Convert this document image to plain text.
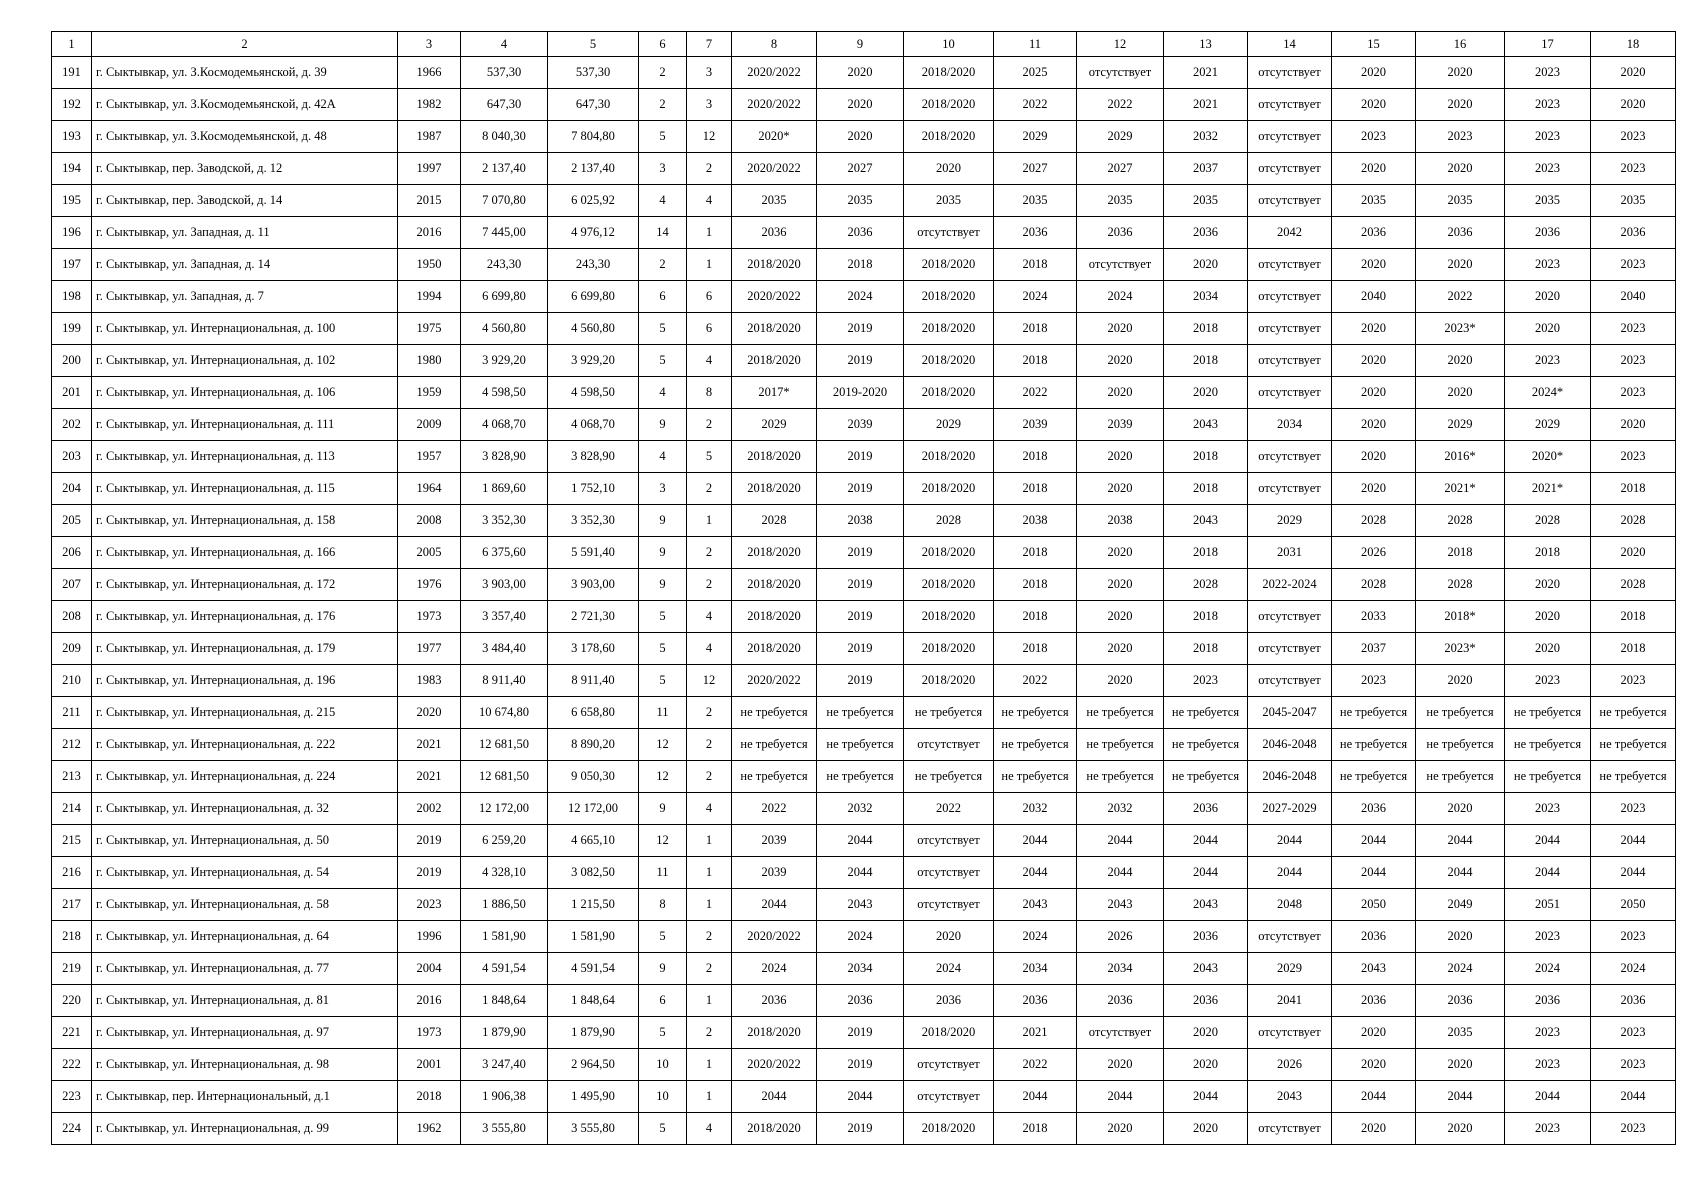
1	2	3	4	5	6	7	8	9	10	11	12	13	14	15	16	17	18
191	г. Сыктывкар, ул. З.Космодемьянской, д. 39	1966	537,30	537,30	2	3	2020/2022	2020	2018/2020	2025	отсутствует	2021	отсутствует	2020	2020	2023	2020
192	г. Сыктывкар, ул. З.Космодемьянской, д. 42А	1982	647,30	647,30	2	3	2020/2022	2020	2018/2020	2022	2022	2021	отсутствует	2020	2020	2023	2020
193	г. Сыктывкар, ул. З.Космодемьянской, д. 48	1987	8 040,30	7 804,80	5	12	2020*	2020	2018/2020	2029	2029	2032	отсутствует	2023	2023	2023	2023
194	г. Сыктывкар, пер. Заводской, д. 12	1997	2 137,40	2 137,40	3	2	2020/2022	2027	2020	2027	2027	2037	отсутствует	2020	2020	2023	2023
195	г. Сыктывкар, пер. Заводской, д. 14	2015	7 070,80	6 025,92	4	4	2035	2035	2035	2035	2035	2035	отсутствует	2035	2035	2035	2035
196	г. Сыктывкар, ул. Западная, д. 11	2016	7 445,00	4 976,12	14	1	2036	2036	отсутствует	2036	2036	2036	2042	2036	2036	2036	2036
197	г. Сыктывкар, ул. Западная, д. 14	1950	243,30	243,30	2	1	2018/2020	2018	2018/2020	2018	отсутствует	2020	отсутствует	2020	2020	2023	2023
198	г. Сыктывкар, ул. Западная, д. 7	1994	6 699,80	6 699,80	6	6	2020/2022	2024	2018/2020	2024	2024	2034	отсутствует	2040	2022	2020	2040
199	г. Сыктывкар, ул. Интернациональная, д. 100	1975	4 560,80	4 560,80	5	6	2018/2020	2019	2018/2020	2018	2020	2018	отсутствует	2020	2023*	2020	2023
200	г. Сыктывкар, ул. Интернациональная, д. 102	1980	3 929,20	3 929,20	5	4	2018/2020	2019	2018/2020	2018	2020	2018	отсутствует	2020	2020	2023	2023
201	г. Сыктывкар, ул. Интернациональная, д. 106	1959	4 598,50	4 598,50	4	8	2017*	2019-2020	2018/2020	2022	2020	2020	отсутствует	2020	2020	2024*	2023
202	г. Сыктывкар, ул. Интернациональная, д. 111	2009	4 068,70	4 068,70	9	2	2029	2039	2029	2039	2039	2043	2034	2020	2029	2029	2020
203	г. Сыктывкар, ул. Интернациональная, д. 113	1957	3 828,90	3 828,90	4	5	2018/2020	2019	2018/2020	2018	2020	2018	отсутствует	2020	2016*	2020*	2023
204	г. Сыктывкар, ул. Интернациональная, д. 115	1964	1 869,60	1 752,10	3	2	2018/2020	2019	2018/2020	2018	2020	2018	отсутствует	2020	2021*	2021*	2018
205	г. Сыктывкар, ул. Интернациональная, д. 158	2008	3 352,30	3 352,30	9	1	2028	2038	2028	2038	2038	2043	2029	2028	2028	2028	2028
206	г. Сыктывкар, ул. Интернациональная, д. 166	2005	6 375,60	5 591,40	9	2	2018/2020	2019	2018/2020	2018	2020	2018	2031	2026	2018	2018	2020
207	г. Сыктывкар, ул. Интернациональная, д. 172	1976	3 903,00	3 903,00	9	2	2018/2020	2019	2018/2020	2018	2020	2028	2022-2024	2028	2028	2020	2028
208	г. Сыктывкар, ул. Интернациональная, д. 176	1973	3 357,40	2 721,30	5	4	2018/2020	2019	2018/2020	2018	2020	2018	отсутствует	2033	2018*	2020	2018
209	г. Сыктывкар, ул. Интернациональная, д. 179	1977	3 484,40	3 178,60	5	4	2018/2020	2019	2018/2020	2018	2020	2018	отсутствует	2037	2023*	2020	2018
210	г. Сыктывкар, ул. Интернациональная, д. 196	1983	8 911,40	8 911,40	5	12	2020/2022	2019	2018/2020	2022	2020	2023	отсутствует	2023	2020	2023	2023
211	г. Сыктывкар, ул. Интернациональная, д. 215	2020	10 674,80	6 658,80	11	2	не требуется	не требуется	не требуется	не требуется	не требуется	не требуется	2045-2047	не требуется	не требуется	не требуется	не требуется
212	г. Сыктывкар, ул. Интернациональная, д. 222	2021	12 681,50	8 890,20	12	2	не требуется	не требуется	отсутствует	не требуется	не требуется	не требуется	2046-2048	не требуется	не требуется	не требуется	не требуется
213	г. Сыктывкар, ул. Интернациональная, д. 224	2021	12 681,50	9 050,30	12	2	не требуется	не требуется	не требуется	не требуется	не требуется	не требуется	2046-2048	не требуется	не требуется	не требуется	не требуется
214	г. Сыктывкар, ул. Интернациональная, д. 32	2002	12 172,00	12 172,00	9	4	2022	2032	2022	2032	2032	2036	2027-2029	2036	2020	2023	2023
215	г. Сыктывкар, ул. Интернациональная, д. 50	2019	6 259,20	4 665,10	12	1	2039	2044	отсутствует	2044	2044	2044	2044	2044	2044	2044	2044
216	г. Сыктывкар, ул. Интернациональная, д. 54	2019	4 328,10	3 082,50	11	1	2039	2044	отсутствует	2044	2044	2044	2044	2044	2044	2044	2044
217	г. Сыктывкар, ул. Интернациональная, д. 58	2023	1 886,50	1 215,50	8	1	2044	2043	отсутствует	2043	2043	2043	2048	2050	2049	2051	2050
218	г. Сыктывкар, ул. Интернациональная, д. 64	1996	1 581,90	1 581,90	5	2	2020/2022	2024	2020	2024	2026	2036	отсутствует	2036	2020	2023	2023
219	г. Сыктывкар, ул. Интернациональная, д. 77	2004	4 591,54	4 591,54	9	2	2024	2034	2024	2034	2034	2043	2029	2043	2024	2024	2024
220	г. Сыктывкар, ул. Интернациональная, д. 81	2016	1 848,64	1 848,64	6	1	2036	2036	2036	2036	2036	2036	2041	2036	2036	2036	2036
221	г. Сыктывкар, ул. Интернациональная, д. 97	1973	1 879,90	1 879,90	5	2	2018/2020	2019	2018/2020	2021	отсутствует	2020	отсутствует	2020	2035	2023	2023
222	г. Сыктывкар, ул. Интернациональная, д. 98	2001	3 247,40	2 964,50	10	1	2020/2022	2019	отсутствует	2022	2020	2020	2026	2020	2020	2023	2023
223	г. Сыктывкар, пер. Интернациональный, д.1	2018	1 906,38	1 495,90	10	1	2044	2044	отсутствует	2044	2044	2044	2043	2044	2044	2044	2044
224	г. Сыктывкар, ул. Интернациональная, д. 99	1962	3 555,80	3 555,80	5	4	2018/2020	2019	2018/2020	2018	2020	2020	отсутствует	2020	2020	2023	2023
